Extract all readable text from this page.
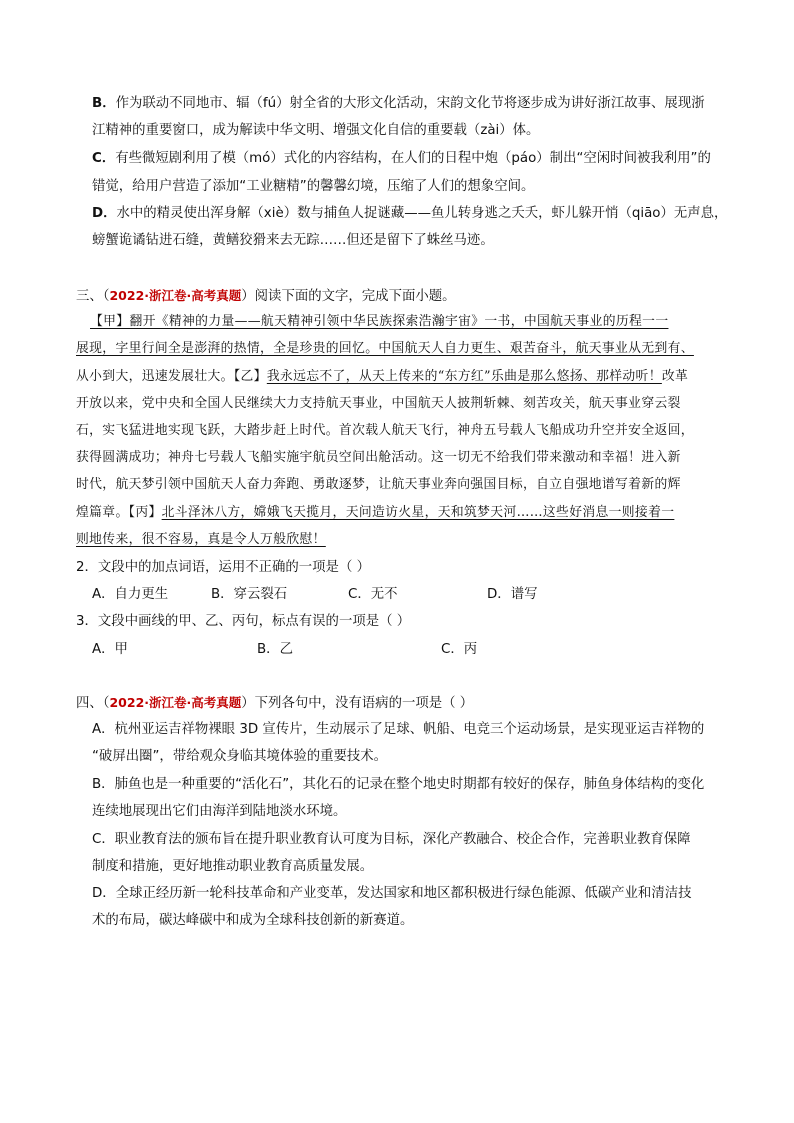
B．作为联动不同地市、辐（fú）射全省的大形文化活动，宋韵文化节将逐步成为讲好浙江故事、展现浙
江精神的重要窗口，成为解读中华文明、增强文化自信的重要载（zài）体。
C．有些微短剧利用了模（mó）式化的内容结构，在人们的日程中炮（páo）制出“空闲时间被我利用”的
错觉，给用户营造了添加“工业糖精”的馨馨幻境，压缩了人们的想象空间。
D．水中的精灵使出浑身解（xiè）数与捕鱼人捉谜藏——鱼儿转身逃之夭夭，虾儿躲开悄（qiāo）无声息，
螃蟹诡谲钻进石缝，黄鳝狡猾来去无踪……但还是留下了蛛丝马迹。
三、（2022·浙江卷·高考真题）阅读下面的文字，完成下面小题。
【甲】翻开《精神的力量——航天精神引领中华民族探索浩瀚宇宙》一书，中国航天事业的历程一一
展现，字里行间全是澎湃的热情，全是珍贵的回忆。中国航天人自力更生、艰苦奋斗，航天事业从无到有、
从小到大，迅速发展壮大。【乙】我永远忘不了，从天上传来的“东方红”乐曲是那么悠扬、那样动听！改革
开放以来，党中央和全国人民继续大力支持航天事业，中国航天人披荆斩棘、刻苦攻关，航天事业穿云裂
石，实飞猛进地实现飞跃，大踏步赶上时代。首次载人航天飞行，神舟五号载人飞船成功升空并安全返回，
获得圆满成功；神舟七号载人飞船实施宇航员空间出舱活动。这一切无不给我们带来激动和幸福！进入新
时代，航天梦引领中国航天人奋力奔跑、勇敢逐梦，让航天事业奔向强国目标，自立自强地谱写着新的辉
煌篇章。【丙】北斗泽沐八方，嫦娥飞天揽月，天问造访火星，天和筑梦天河……这些好消息一则接着一
则地传来，很不容易，真是令人万般欣慰！
2．文段中的加点词语，运用不正确的一项是（ ）
A．自力更生	B．穿云裂石	C．无不	D．谱写
3．文段中画线的甲、乙、丙句，标点有误的一项是（ ）
A．甲	B．乙	C．丙
四、（2022·浙江卷·高考真题）下列各句中，没有语病的一项是（ ）
A．杭州亚运吉祥物裸眼 3D 宣传片，生动展示了足球、帆船、电竞三个运动场景，是实现亚运吉祥物的
“破屏出圈”，带给观众身临其境体验的重要技术。
B．肺鱼也是一种重要的“活化石”，其化石的记录在整个地史时期都有较好的保存，肺鱼身体结构的变化
连续地展现出它们由海洋到陆地淡水环境。
C．职业教育法的颁布旨在提升职业教育认可度为目标，深化产教融合、校企合作，完善职业教育保障
制度和措施，更好地推动职业教育高质量发展。
D．全球正经历新一轮科技革命和产业变革，发达国家和地区都积极进行绿色能源、低碳产业和清洁技
术的布局，碳达峰碳中和成为全球科技创新的新赛道。
